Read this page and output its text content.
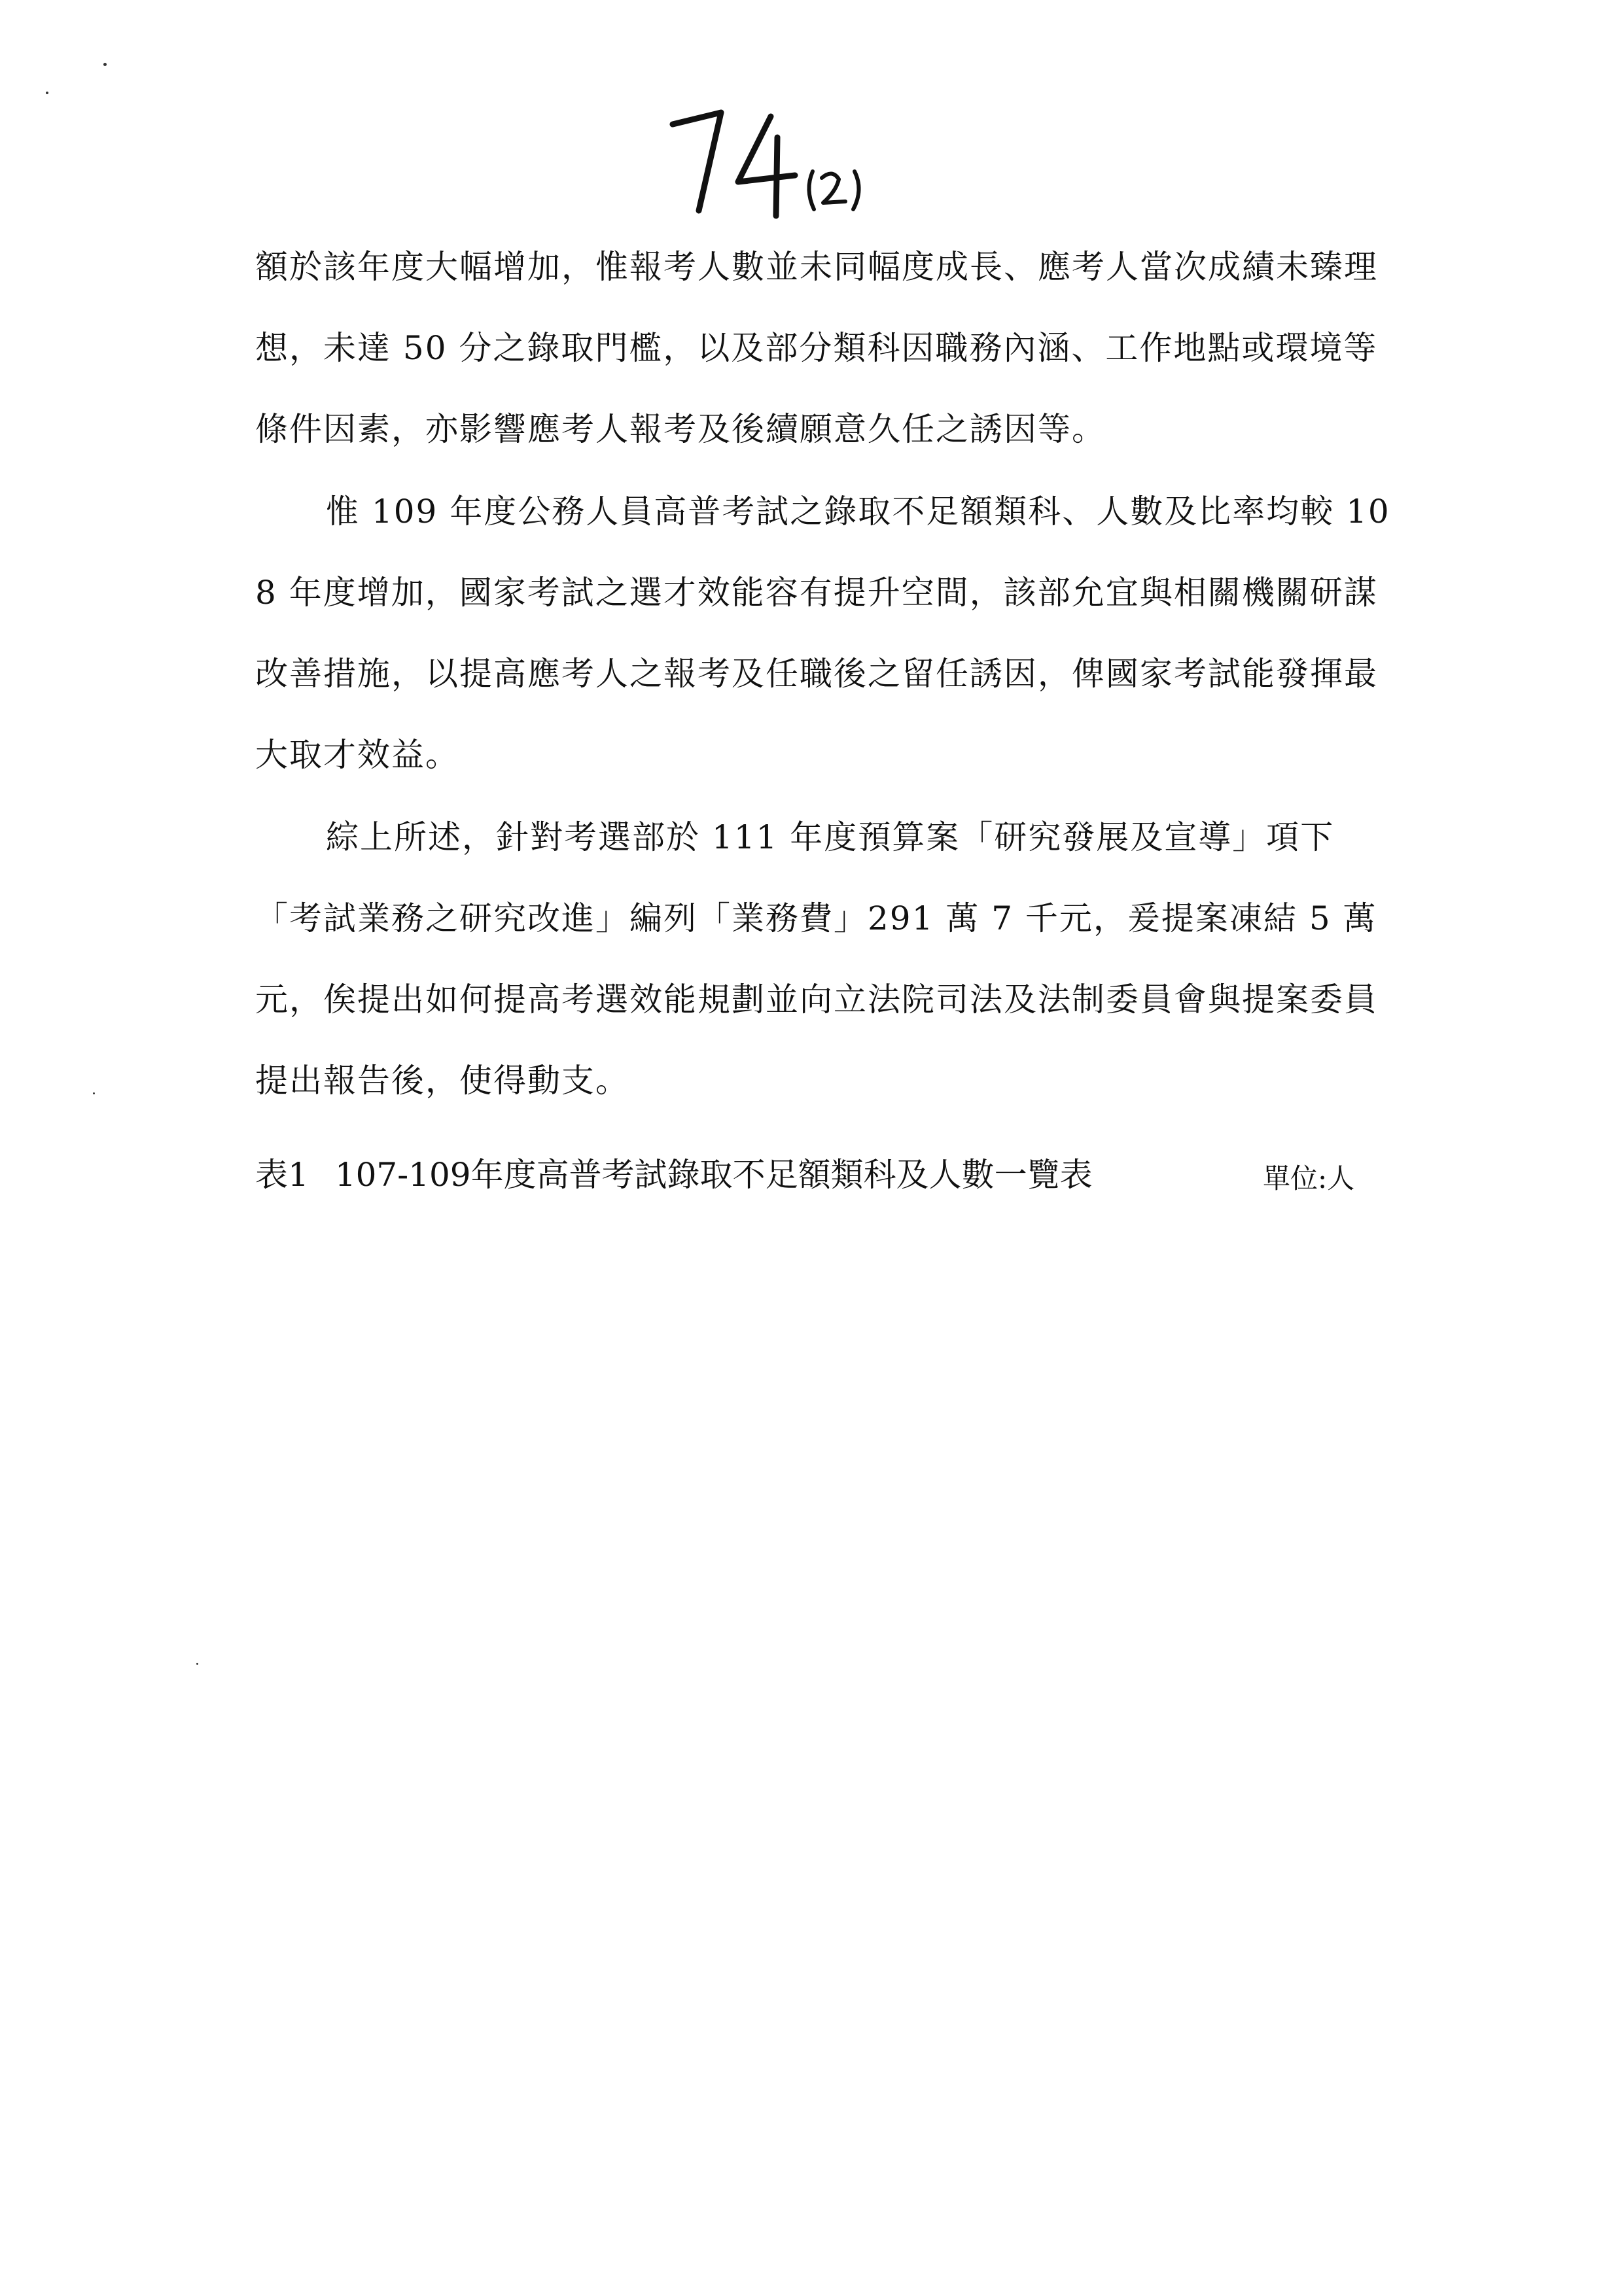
額於該年度大幅增加，惟報考人數並未同幅度成長、應考人當次成績未臻理想，未達 50 分之錄取門檻，以及部分類科因職務內涵、工作地點或環境等條件因素，亦影響應考人報考及後續願意久任之誘因等。
惟 109 年度公務人員高普考試之錄取不足額類科、人數及比率均較 108 年度增加，國家考試之選才效能容有提升空間，該部允宜與相關機關研謀改善措施，以提高應考人之報考及任職後之留任誘因，俾國家考試能發揮最大取才效益。
綜上所述，針對考選部於 111 年度預算案「研究發展及宣導」項下「考試業務之研究改進」編列「業務費」291 萬 7 千元，爰提案凍結 5 萬元，俟提出如何提高考選效能規劃並向立法院司法及法制委員會與提案委員提出報告後，使得動支。
表1 107-109年度高普考試錄取不足額類科及人數一覽表	單位:人
